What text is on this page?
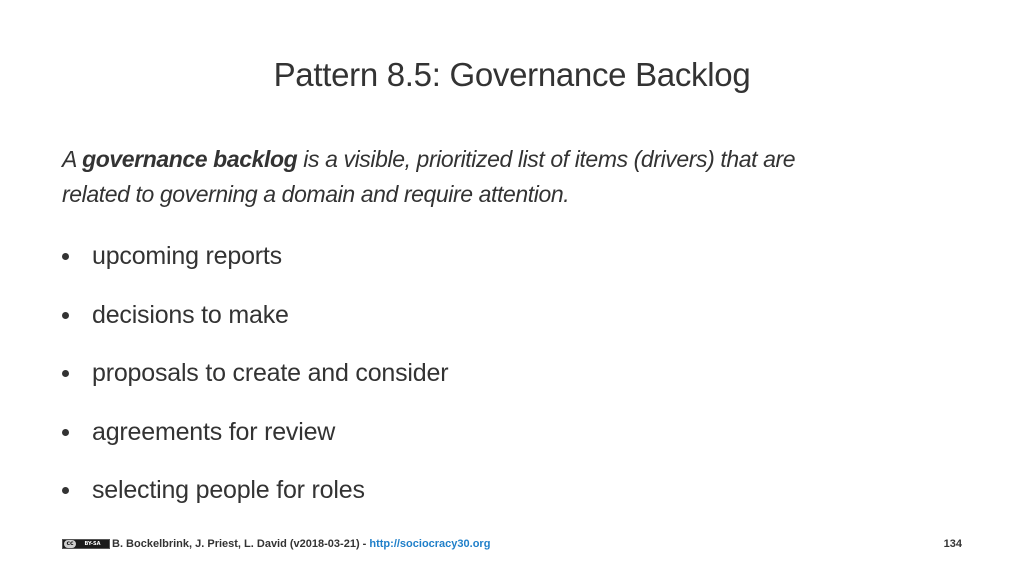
Pattern 8.5: Governance Backlog

A governance backlog is a visible, prioritized list of items (drivers) that are
related to governing a domain and require attention.

upcoming reports
decisions to make
proposals to create and consider
agreements for review
selecting people for roles
cc	BY-SA	B. Bockelbrink, J. Priest, L. David (v2018-03-21) - http://sociocracy30.org	134
